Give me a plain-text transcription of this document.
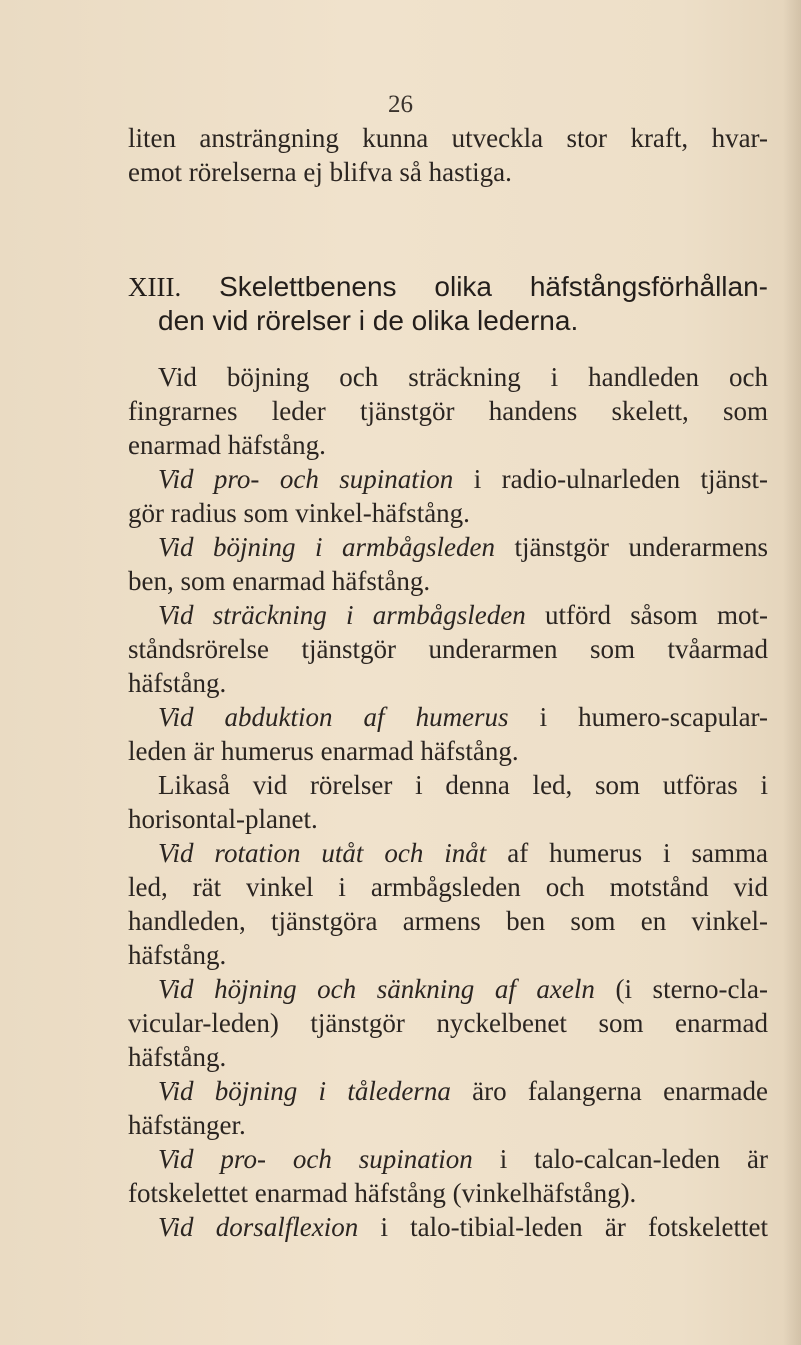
26
liten ansträngning kunna utveckla stor kraft, hvar-
emot rörelserna ej blifva så hastiga.
XIII. Skelettbenens olika häfstångsförhållan-
den vid rörelser i de olika lederna.
Vid böjning och sträckning i handleden och
fingrarnes leder tjänstgör handens skelett, som
enarmad häfstång.
Vid pro- och supination i radio-ulnarleden tjänst-
gör radius som vinkel-häfstång.
Vid böjning i armbågsleden tjänstgör underarmens
ben, som enarmad häfstång.
Vid sträckning i armbågsleden utförd såsom mot-
ståndsrörelse tjänstgör underarmen som tvåarmad
häfstång.
Vid abduktion af humerus i humero-scapular-
leden är humerus enarmad häfstång.
Likaså vid rörelser i denna led, som utföras i
horisontal-planet.
Vid rotation utåt och inåt af humerus i samma
led, rät vinkel i armbågsleden och motstånd vid
handleden, tjänstgöra armens ben som en vinkel-
häfstång.
Vid höjning och sänkning af axeln (i sterno-cla-
vicular-leden) tjänstgör nyckelbenet som enarmad
häfstång.
Vid böjning i tålederna äro falangerna enarmade
häfstänger.
Vid pro- och supination i talo-calcan-leden är
fotskelettet enarmad häfstång (vinkelhäfstång).
Vid dorsalflexion i talo-tibial-leden är fotskelettet
